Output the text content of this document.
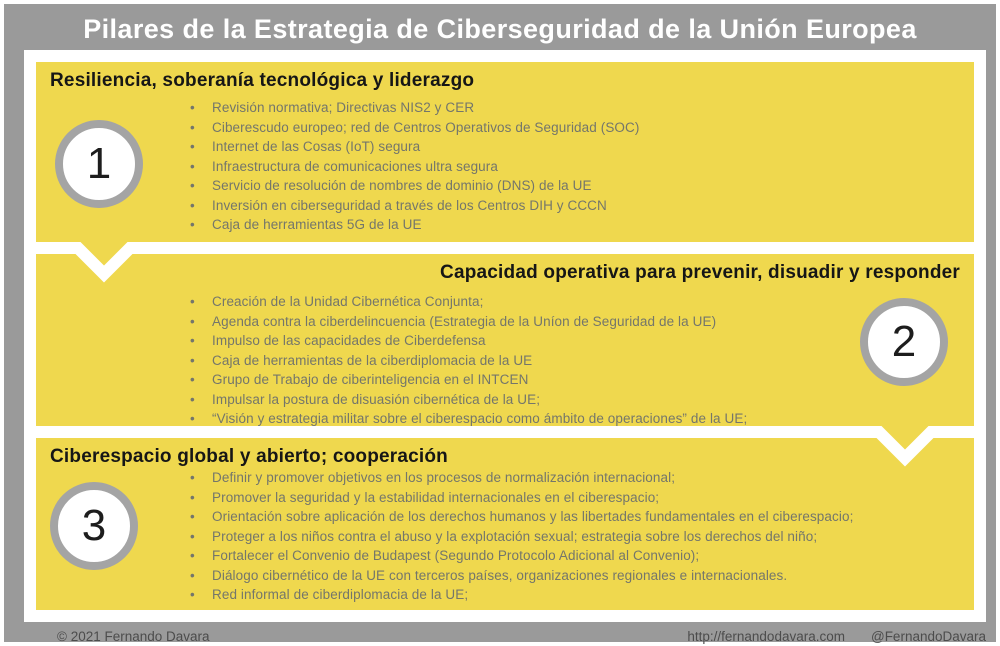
Pilares de la Estrategia de Ciberseguridad de la Unión Europea
Resiliencia, soberanía tecnológica y liderazgo
1
• Revisión normativa; Directivas NIS2 y CER
• Ciberescudo europeo; red de Centros Operativos de Seguridad (SOC)
• Internet de las Cosas (IoT) segura
• Infraestructura de comunicaciones ultra segura
• Servicio de resolución de nombres de dominio (DNS) de la UE
• Inversión en ciberseguridad a través de los Centros DIH y CCCN
• Caja de herramientas 5G de la UE
Capacidad operativa para prevenir, disuadir y responder
2
• Creación de la Unidad Cibernética Conjunta;
• Agenda contra la ciberdelincuencia (Estrategia de la Uníon de Seguridad de la UE)
• Impulso de las capacidades de Ciberdefensa
• Caja de herramientas de la ciberdiplomacia de la UE
• Grupo de Trabajo de ciberinteligencia en el INTCEN
• Impulsar la postura de disuasión cibernética de la UE;
• “Visión y estrategia militar sobre el ciberespacio como ámbito de operaciones” de la UE;
Ciberespacio global y abierto; cooperación
3
• Definir y promover objetivos en los procesos de normalización internacional;
• Promover la seguridad y la estabilidad internacionales en el ciberespacio;
• Orientación sobre aplicación de los derechos humanos y las libertades fundamentales en el ciberespacio;
• Proteger a los niños contra el abuso y la explotación sexual; estrategia sobre los derechos del niño;
• Fortalecer el Convenio de Budapest (Segundo Protocolo Adicional al Convenio);
• Diálogo cibernético de la UE con terceros países, organizaciones regionales e internacionales.
• Red informal de ciberdiplomacia de la UE;
© 2021 Fernando Davara	http://fernandodavara.com @FernandoDavara
